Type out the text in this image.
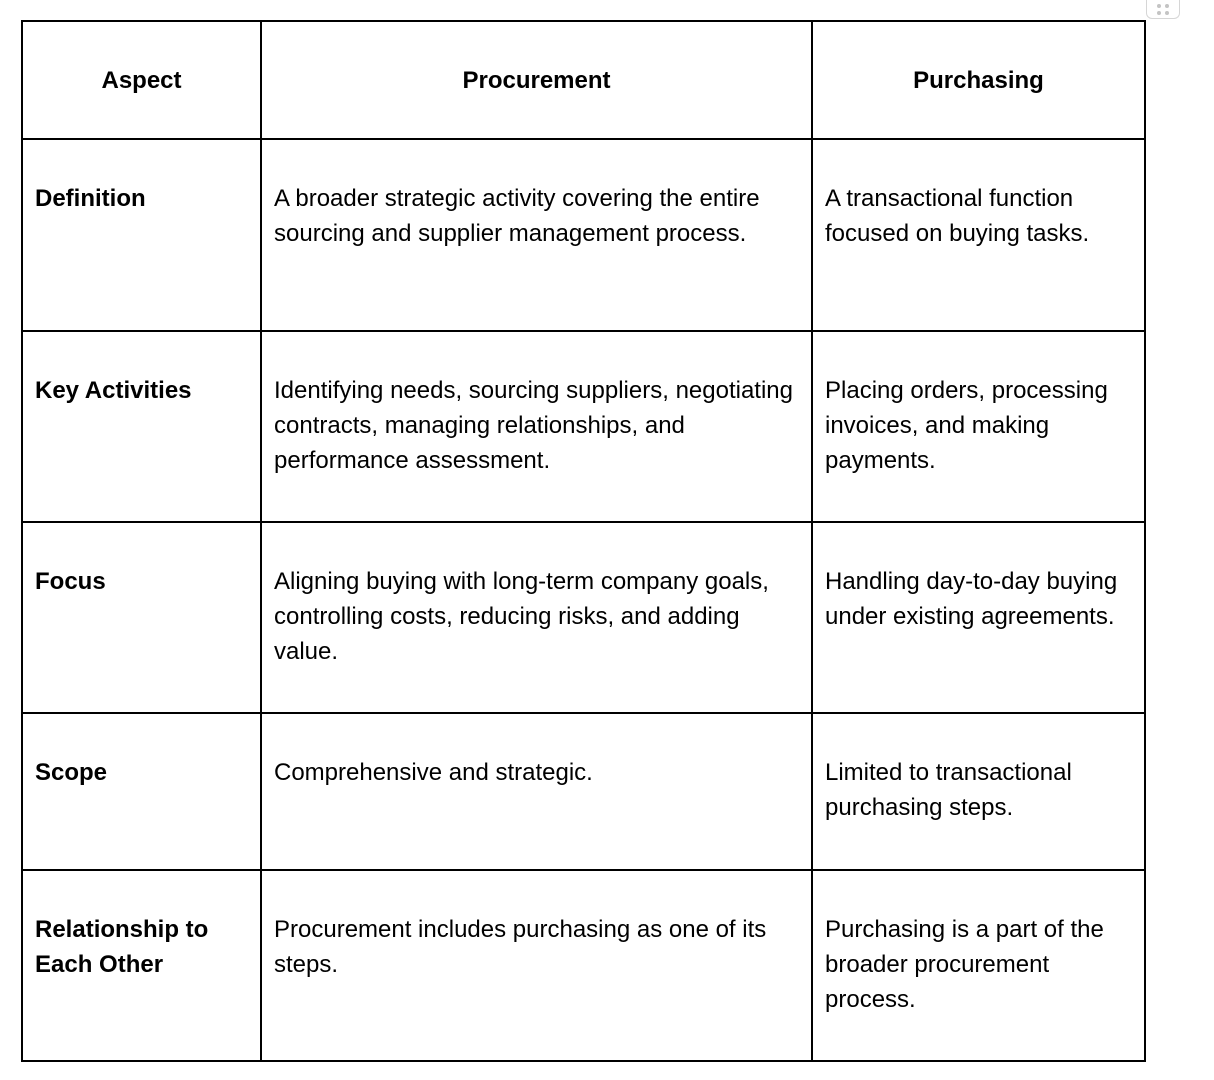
Aspect	Procurement	Purchasing
Definition	A broader strategic activity covering the entire sourcing and supplier management process.	A transactional function focused on buying tasks.
Key Activities	Identifying needs, sourcing suppliers, negotiating contracts, managing relationships, and performance assessment.	Placing orders, processing invoices, and making payments.
Focus	Aligning buying with long-term company goals, controlling costs, reducing risks, and adding value.	Handling day-to-day buying under existing agreements.
Scope	Comprehensive and strategic.	Limited to transactional purchasing steps.
Relationship to Each Other	Procurement includes purchasing as one of its steps.	Purchasing is a part of the broader procurement process.
